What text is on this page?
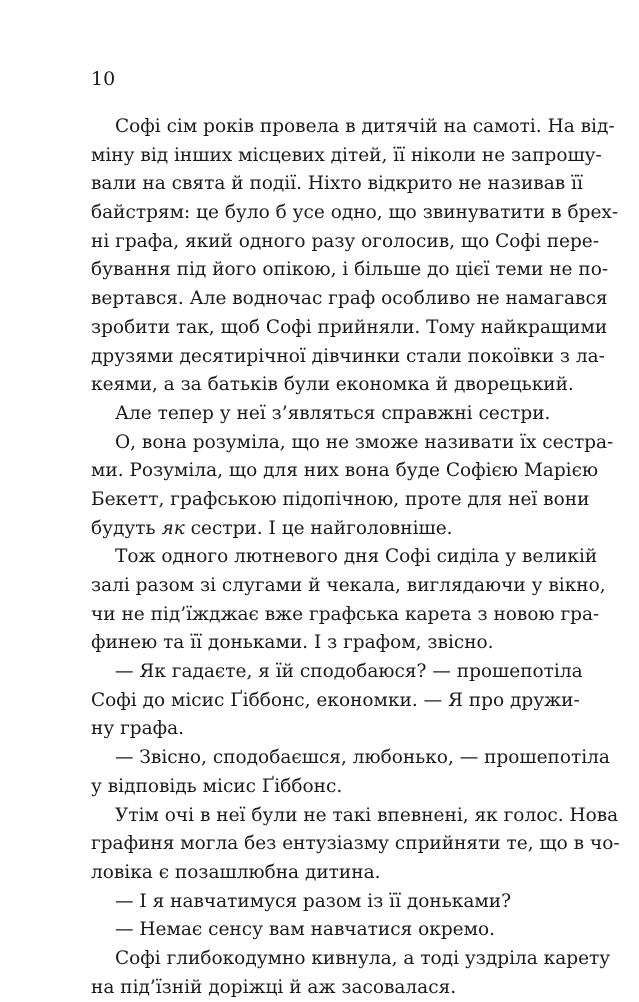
10
Софі сім років провела в дитячій на самоті. На від-
міну від інших місцевих дітей, її ніколи не запрошу-
вали на свята й події. Ніхто відкрито не називав її
байстрям: це було б усе одно, що звинуватити в брех-
ні графа, який одного разу оголосив, що Софі пере-
бування під його опікою, і більше до цієї теми не по-
вертався. Але водночас граф особливо не намагався
зробити так, щоб Софі прийняли. Тому найкращими
друзями десятирічної дівчинки стали покоївки з ла-
кеями, а за батьків були економка й дворецький.
Але тепер у неї з’являться справжні сестри.
О, вона розуміла, що не зможе називати їх сестра-
ми. Розуміла, що для них вона буде Софією Марією
Бекетт, графською підопічною, проте для неї вони
будуть як сестри. І це найголовніше.
Тож одного лютневого дня Софі сиділа у великій
залі разом зі слугами й чекала, виглядаючи у вікно,
чи не під’їжджає вже графська карета з новою гра-
финею та її доньками. І з графом, звісно.
— Як гадаєте, я їй сподобаюся? — прошепотіла
Софі до місис Ґіббонс, економки. — Я про дружи-
ну графа.
— Звісно, сподобаєшся, любонько, — прошепотіла
у відповідь місис Ґіббонс.
Утім очі в неї були не такі впевнені, як голос. Нова
графиня могла без ентузіазму сприйняти те, що в чо-
ловіка є позашлюбна дитина.
— І я навчатимуся разом із її доньками?
— Немає сенсу вам навчатися окремо.
Софі глибокодумно кивнула, а тоді уздріла карету
на під’їзній доріжці й аж засовалася.
